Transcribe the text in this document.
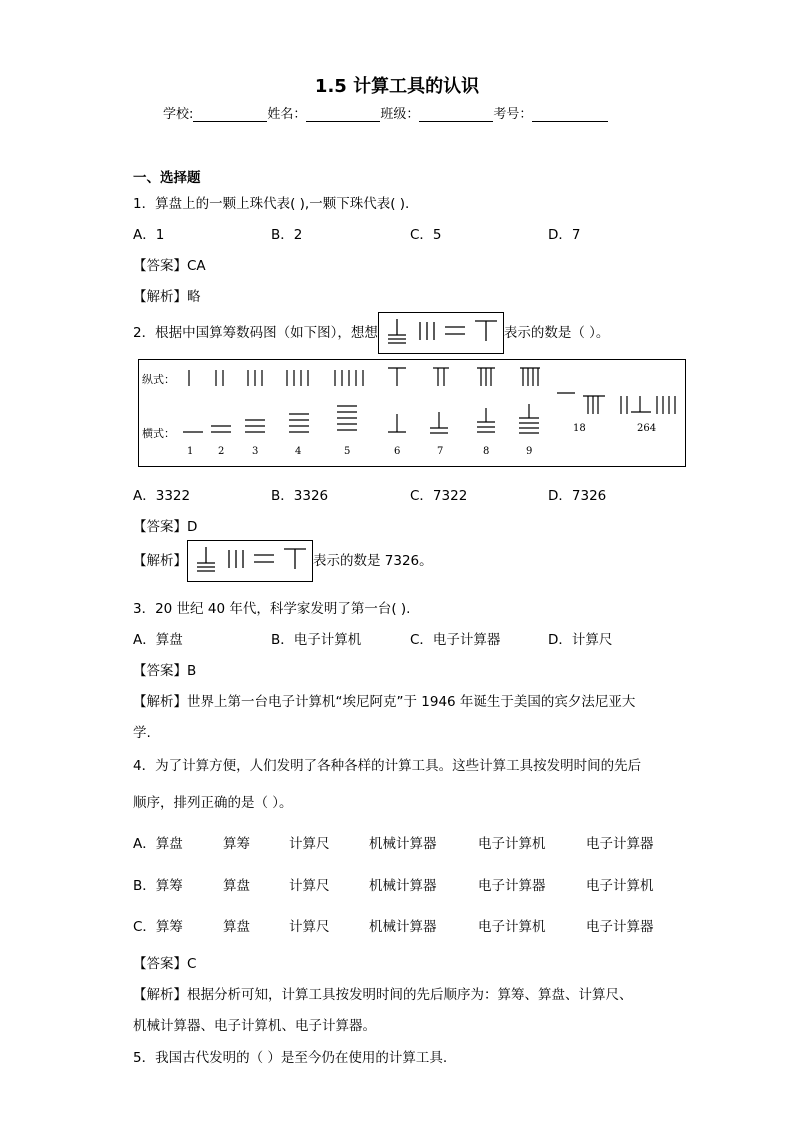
1.5 计算工具的认识
学校:	姓名：	班级：	考号：
一、选择题
1．算盘上的一颗上珠代表( ),一颗下珠代表( ).
A．1	B．2	C．5	D．7
【答案】CA
【解析】略
2．根据中国算筹数码图（如下图），想想	表示的数是（ ）。
纵式：
横式：
1 2	3	4	5	6	7	8	9
18	264
A．3322	B．3326	C．7322	D．7326
【答案】D
【解析】	表示的数是 7326。
3．20 世纪 40 年代，科学家发明了第一台( ).
A．算盘	B．电子计算机	C．电子计算器	D．计算尺
【答案】B
【解析】世界上第一台电子计算机“埃尼阿克”于 1946 年诞生于美国的宾夕法尼亚大
学.
4．为了计算方便，人们发明了各种各样的计算工具。这些计算工具按发明时间的先后
顺序，排列正确的是（ ）。
A．算盘	算筹	计算尺	机械计算器	电子计算机	电子计算器
B．算筹	算盘	计算尺	机械计算器	电子计算器	电子计算机
C．算筹	算盘	计算尺	机械计算器	电子计算机	电子计算器
【答案】C
【解析】根据分析可知，计算工具按发明时间的先后顺序为：算筹、算盘、计算尺、
机械计算器、电子计算机、电子计算器。
5．我国古代发明的（ ）是至今仍在使用的计算工具.
